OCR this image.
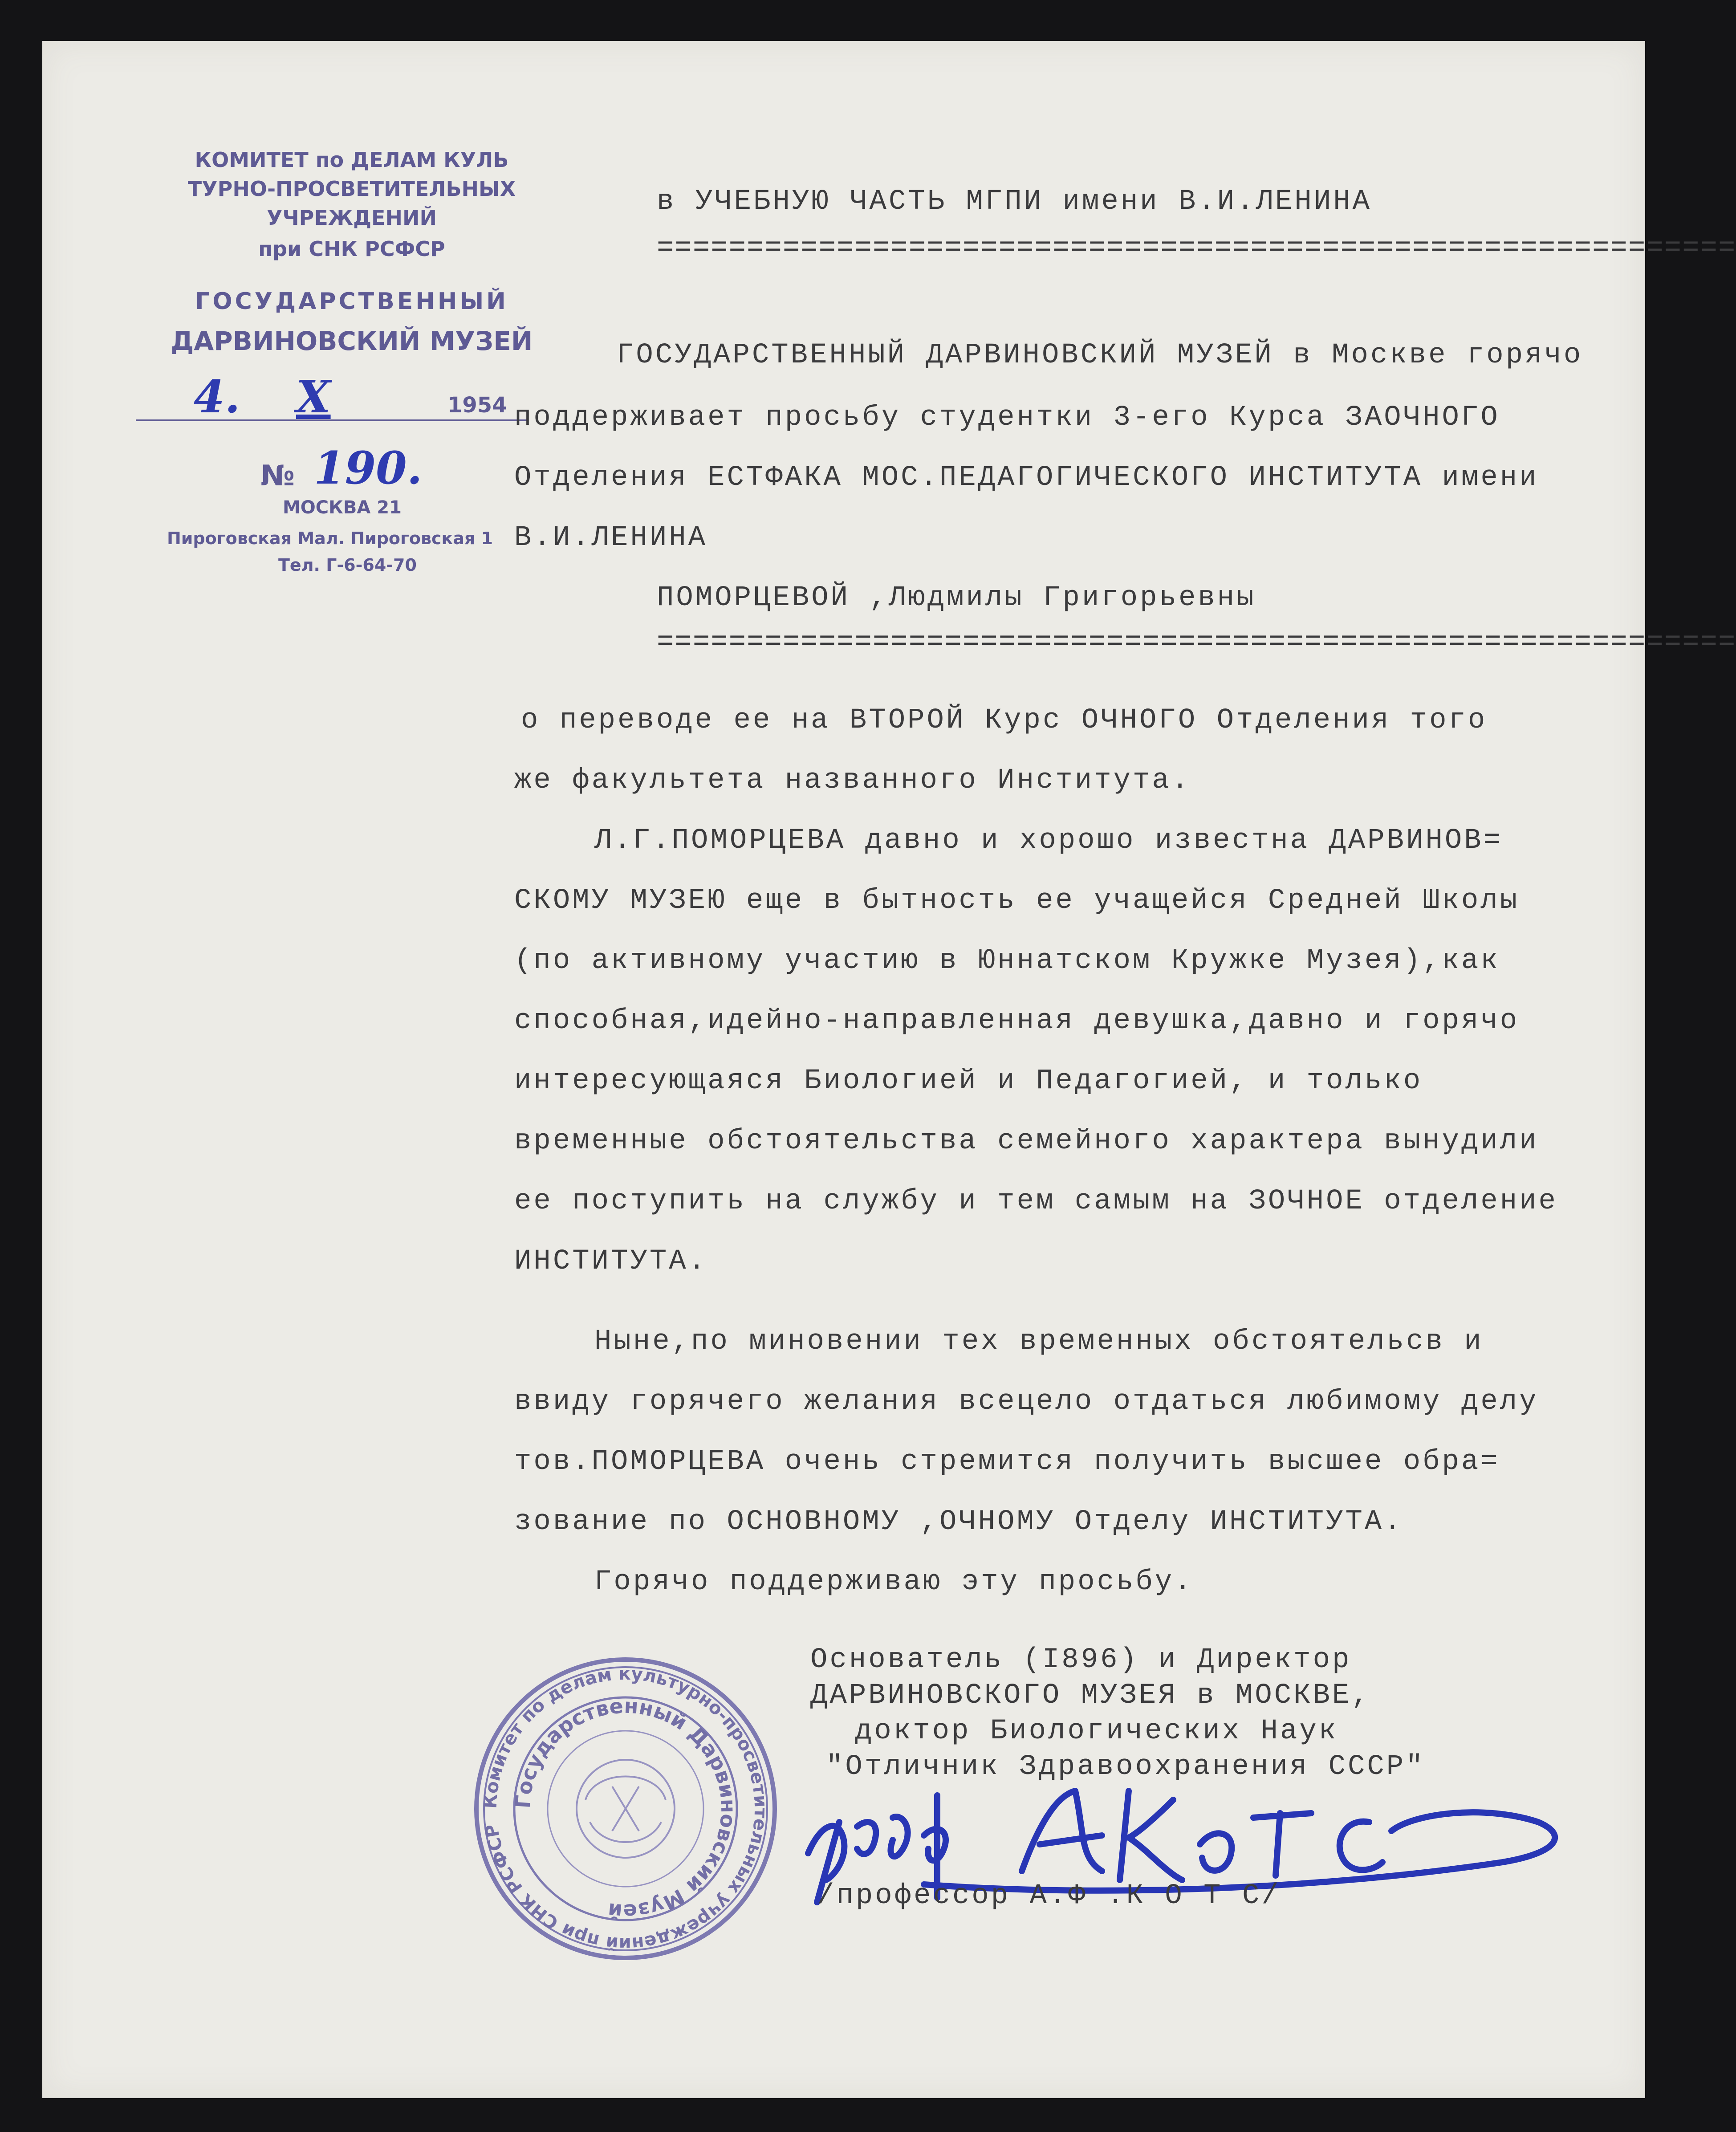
КОМИТЕТ по ДЕЛАМ КУЛЬ
ТУРНО-ПРОСВЕТИТЕЛЬНЫХ
УЧРЕЖДЕНИЙ
при СНК РСФСР
ГОСУДАРСТВЕННЫЙ
ДАРВИНОВСКИЙ МУЗЕЙ
4. X	1954
№ 190.
МОСКВА 21
Пироговская Мал. Пироговская 1
Тел. Г-6-64-70
в УЧЕБНУЮ ЧАСТЬ МГПИ имени В.И.ЛЕНИНА
============================================================
ГОСУДАРСТВЕННЫЙ ДАРВИНОВСКИЙ МУЗЕЙ в Москве горячо
поддерживает просьбу студентки 3-его Курса ЗАОЧНОГО
Отделения ЕСТФАКА МОС.ПЕДАГОГИЧЕСКОГО ИНСТИТУТА имени
В.И.ЛЕНИНА
ПОМОРЦЕВОЙ ,Людмилы Григорьевны
============================================================
о переводе ее на ВТОРОЙ Курс ОЧНОГО Отделения того
же факультета названного Института.
Л.Г.ПОМОРЦЕВА давно и хорошо известна ДАРВИНОВ=
СКОМУ МУЗЕЮ еще в бытность ее учащейся Средней Школы
(по активному участию в Юннатском Кружке Музея),как
способная,идейно-направленная девушка,давно и горячо
интересующаяся Биологией и Педагогией, и только
временные обстоятельства семейного характера вынудили
ее поступить на службу и тем самым на ЗОЧНОЕ отделение
ИНСТИТУТА.
Ныне,по миновении тех временных обстоятельсв и
ввиду горячего желания всецело отдаться любимому делу
тов.ПОМОРЦЕВА очень стремится получить высшее обра=
зование по ОСНОВНОМУ ,ОЧНОМУ Отделу ИНСТИТУТА.
Горячо поддерживаю эту просьбу.
Основатель (I896) и Директор
ДАРВИНОВСКОГО МУЗЕЯ в МОСКВЕ,
доктор Биологических Наук
"Отличник Здравоохранения СССР"
проф. А Котс /профессор А.Ф .К О Т С/
Комитет по делам культурно-просветительных учреждений при СНК РСФСР
Государственный Дарвиновский Музей
